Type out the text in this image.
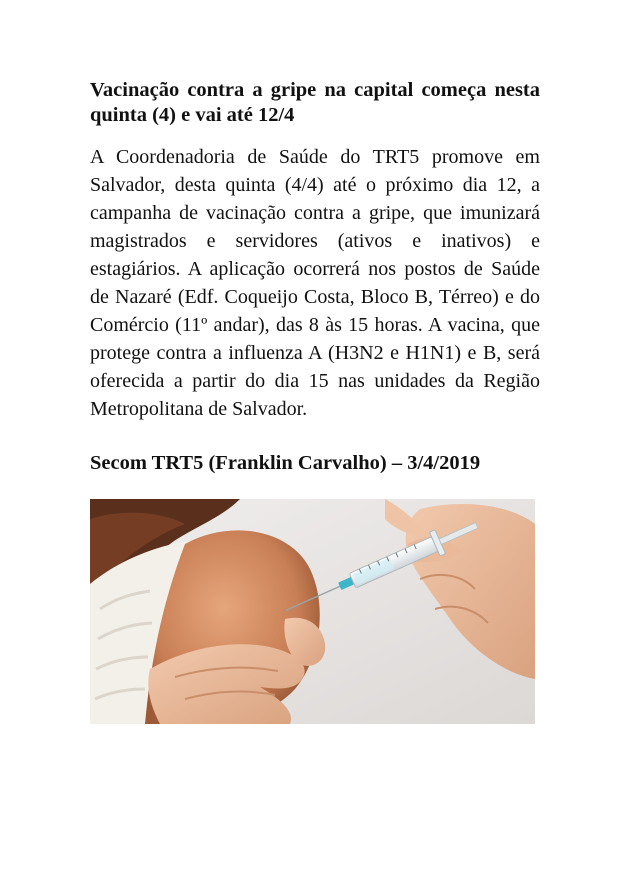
Vacinação contra a gripe na capital começa nesta quinta (4) e vai até 12/4

A Coordenadoria de Saúde do TRT5 promove em Salvador, desta quinta (4/4) até o próximo dia 12, a campanha de vacinação contra a gripe, que imunizará magistrados e servidores (ativos e inativos) e estagiários. A aplicação ocorrerá nos postos de Saúde de Nazaré (Edf. Coqueijo Costa, Bloco B, Térreo) e do Comércio (11º andar), das 8 às 15 horas. A vacina, que protege contra a influenza A (H3N2 e H1N1) e B, será oferecida a partir do dia 15 nas unidades da Região Metropolitana de Salvador.

Secom TRT5 (Franklin Carvalho) – 3/4/2019
